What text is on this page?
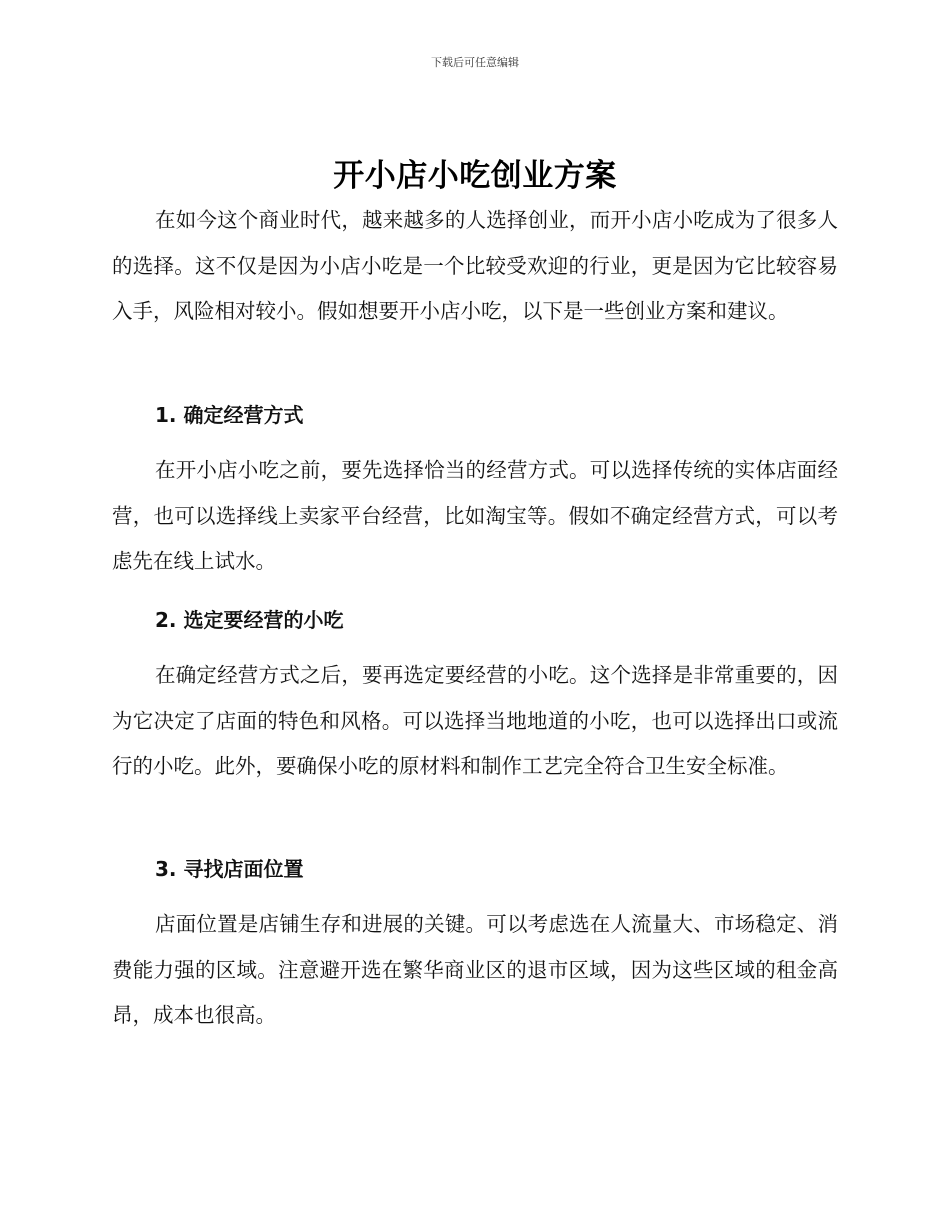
下载后可任意编辑
开小店小吃创业方案

在如今这个商业时代，越来越多的人选择创业，而开小店小吃成为了很多人的选择。这不仅是因为小店小吃是一个比较受欢迎的行业，更是因为它比较容易入手，风险相对较小。假如想要开小店小吃，以下是一些创业方案和建议。

1. 确定经营方式

在开小店小吃之前，要先选择恰当的经营方式。可以选择传统的实体店面经营，也可以选择线上卖家平台经营，比如淘宝等。假如不确定经营方式，可以考虑先在线上试水。

2. 选定要经营的小吃

在确定经营方式之后，要再选定要经营的小吃。这个选择是非常重要的，因为它决定了店面的特色和风格。可以选择当地地道的小吃，也可以选择出口或流行的小吃。此外，要确保小吃的原材料和制作工艺完全符合卫生安全标准。

3. 寻找店面位置

店面位置是店铺生存和进展的关键。可以考虑选在人流量大、市场稳定、消费能力强的区域。注意避开选在繁华商业区的退市区域，因为这些区域的租金高昂，成本也很高。
